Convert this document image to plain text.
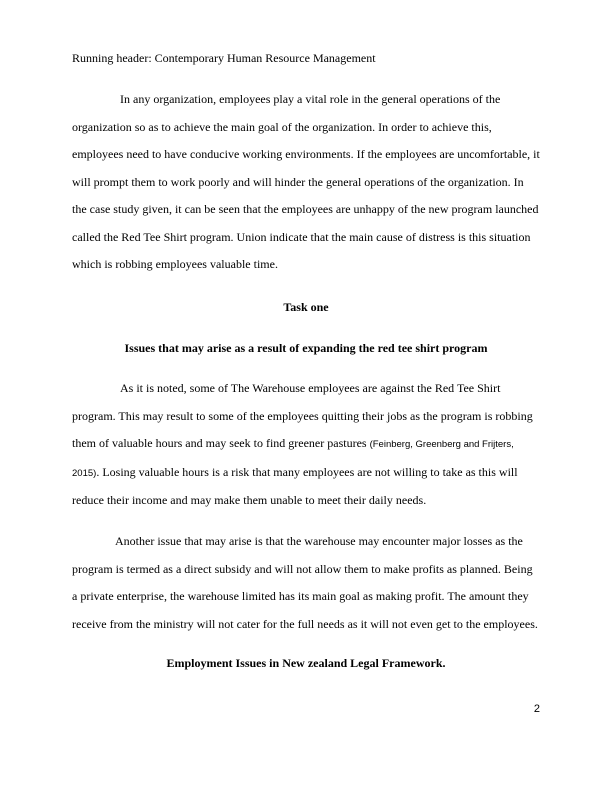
Running header: Contemporary Human Resource Management

In any organization, employees play a vital role in the general operations of the
organization so as to achieve the main goal of the organization. In order to achieve this,
employees need to have conducive working environments. If the employees are uncomfortable, it
will prompt them to work poorly and will hinder the general operations of the organization. In
the case study given, it can be seen that the employees are unhappy of the new program launched
called the Red Tee Shirt program. Union indicate that the main cause of distress is this situation
which is robbing employees valuable time.

Task one
Issues that may arise as a result of expanding the red tee shirt program

As it is noted, some of The Warehouse employees are against the Red Tee Shirt
program. This may result to some of the employees quitting their jobs as the program is robbing
them of valuable hours and may seek to find greener pastures (Feinberg, Greenberg and Frijters,
2015). Losing valuable hours is a risk that many employees are not willing to take as this will
reduce their income and may make them unable to meet their daily needs.

Another issue that may arise is that the warehouse may encounter major losses as the
program is termed as a direct subsidy and will not allow them to make profits as planned. Being
a private enterprise, the warehouse limited has its main goal as making profit. The amount they
receive from the ministry will not cater for the full needs as it will not even get to the employees.

Employment Issues in New zealand Legal Framework.
2
